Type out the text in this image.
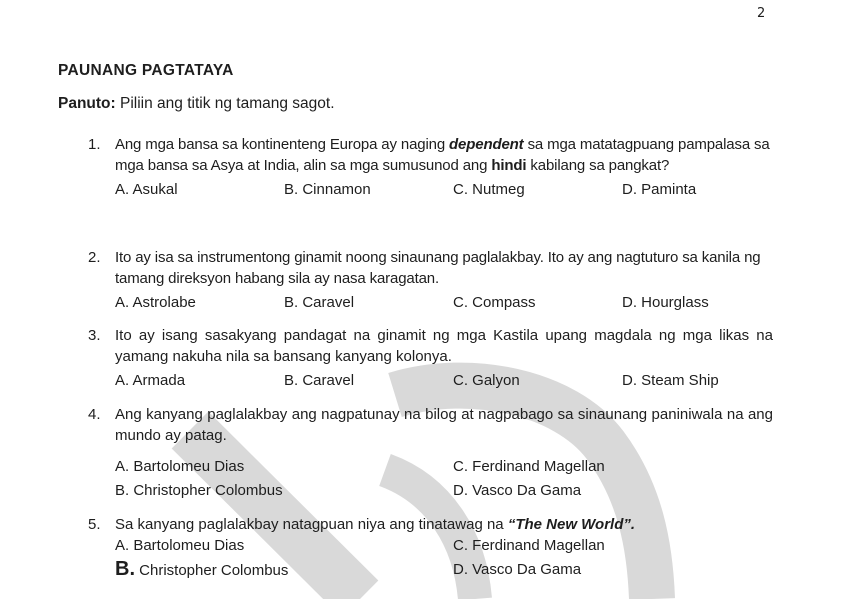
2
PAUNANG PAGTATAYA
Panuto: Piliin ang titik ng tamang sagot.
1. Ang mga bansa sa kontinenteng Europa ay naging dependent sa mga matatagpuang pampalasa sa mga bansa sa Asya at India, alin sa mga sumusunod ang hindi kabilang sa pangkat?
A. Asukal	B. Cinnamon	C. Nutmeg	D. Paminta
2. Ito ay isa sa instrumentong ginamit noong sinaunang paglalakbay. Ito ay ang nagtuturo sa kanila ng tamang direksyon habang sila ay nasa karagatan.
A. Astrolabe	B. Caravel	C. Compass	D. Hourglass
3. Ito ay isang sasakyang pandagat na ginamit ng mga Kastila upang magdala ng mga likas na yamang nakuha nila sa bansang kanyang kolonya.
A. Armada	B. Caravel	C. Galyon	D. Steam Ship
4. Ang kanyang paglalakbay ang nagpatunay na bilog at nagpabago sa sinaunang paniniwala na ang mundo ay patag.
A. Bartolomeu Dias	C. Ferdinand Magellan
B. Christopher Colombus	D. Vasco Da Gama
5. Sa kanyang paglalakbay natagpuan niya ang tinatawag na “The New World”.
A. Bartolomeu Dias	C. Ferdinand Magellan
B. Christopher Colombus	D. Vasco Da Gama
